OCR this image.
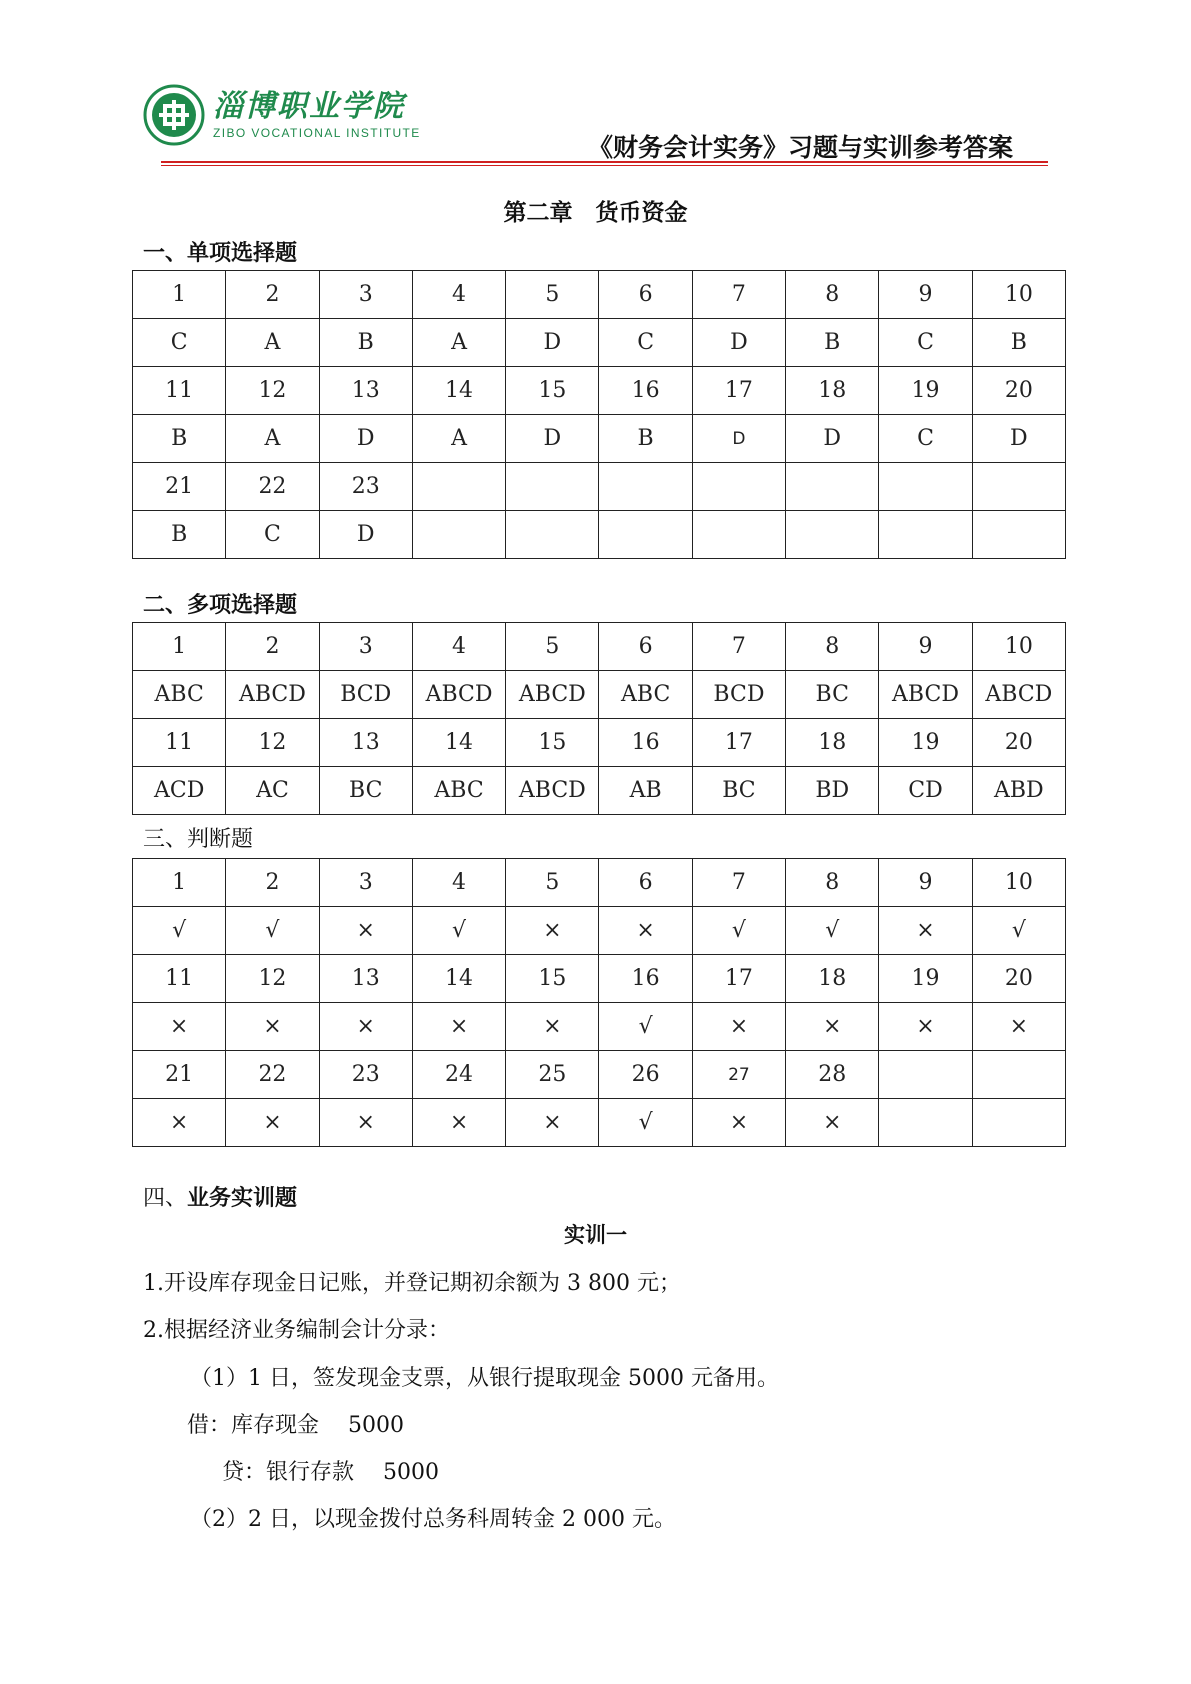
淄博职业学院
ZIBO VOCATIONAL INSTITUTE	《财务会计实务》习题与实训参考答案
第二章　货币资金
一、单项选择题
1	2	3	4	5	6	7	8	9	10
C	A	B	A	D	C	D	B	C	B
11	12	13	14	15	16	17	18	19	20
B	A	D	A	D	B	D	D	C	D
21	22	23							
B	C	D							
二、多项选择题
1	2	3	4	5	6	7	8	9	10
ABC	ABCD	BCD	ABCD	ABCD	ABC	BCD	BC	ABCD	ABCD
11	12	13	14	15	16	17	18	19	20
ACD	AC	BC	ABC	ABCD	AB	BC	BD	CD	ABD
三、判断题
1	2	3	4	5	6	7	8	9	10
√	√	×	√	×	×	√	√	×	√
11	12	13	14	15	16	17	18	19	20
×	×	×	×	×	√	×	×	×	×
21	22	23	24	25	26	27	28		
×	×	×	×	×	√	×	×		
四、业务实训题
实训一
1.开设库存现金日记账，并登记期初余额为 3 800 元；
2.根据经济业务编制会计分录：
（1）1 日，签发现金支票，从银行提取现金 5000 元备用。
借：库存现金　 5000
贷：银行存款　 5000
（2）2 日，以现金拨付总务科周转金 2 000 元。
